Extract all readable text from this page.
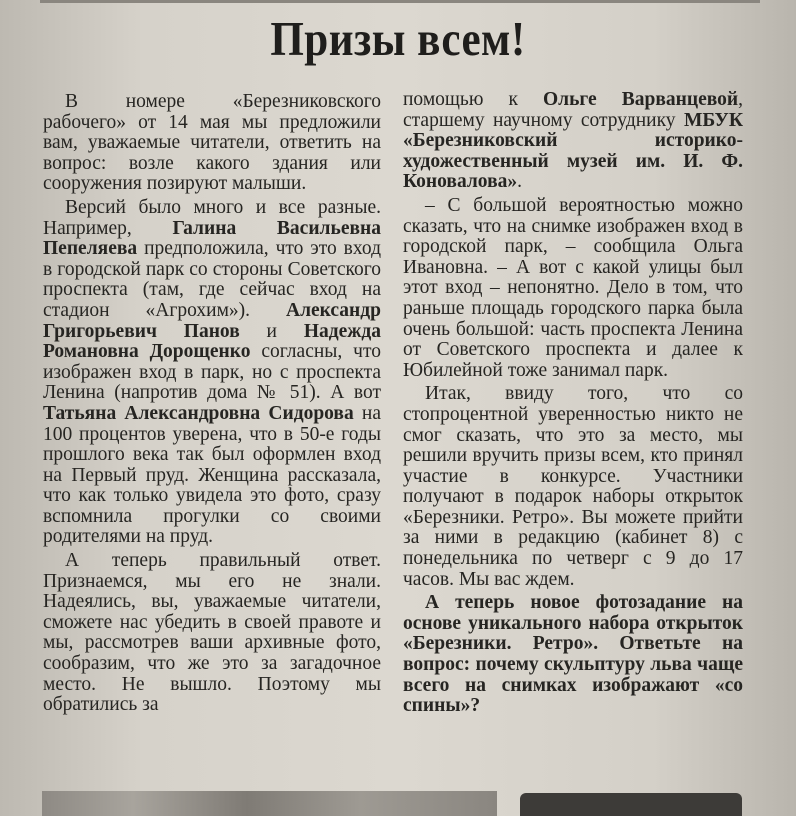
Призы всем!

В номере «Березниковского рабочего» от 14 мая мы предложили вам, уважаемые читатели, ответить на вопрос: возле какого здания или сооружения позируют малыши.

Версий было много и все разные. Например, Галина Васильевна Пепеляева предположила, что это вход в городской парк со стороны Советского проспекта (там, где сейчас вход на стадион «Агрохим»). Александр Григорьевич Панов и Надежда Романовна Дорощенко согласны, что изображен вход в парк, но с проспекта Ленина (напротив дома № 51). А вот Татьяна Александровна Сидорова на 100 процентов уверена, что в 50-е годы прошлого века так был оформлен вход на Первый пруд. Женщина рассказала, что как только увидела это фото, сразу вспомнила прогулки со своими родителями на пруд.

А теперь правильный ответ. Признаемся, мы его не знали. Надеялись, вы, уважаемые читатели, сможете нас убедить в своей правоте и мы, рассмотрев ваши архивные фото, сообразим, что же это за загадочное место. Не вышло. Поэтому мы обратились за

помощью к Ольге Варванцевой, старшему научному сотруднику МБУК «Березниковский историко-художественный музей им. И. Ф. Коновалова».

– С большой вероятностью можно сказать, что на снимке изображен вход в городской парк, – сообщила Ольга Ивановна. – А вот с какой улицы был этот вход – непонятно. Дело в том, что раньше площадь городского парка была очень большой: часть проспекта Ленина от Советского проспекта и далее к Юбилейной тоже занимал парк.

Итак, ввиду того, что со стопроцентной уверенностью никто не смог сказать, что это за место, мы решили вручить призы всем, кто принял участие в конкурсе. Участники получают в подарок наборы открыток «Березники. Ретро». Вы можете прийти за ними в редакцию (кабинет 8) с понедельника по четверг с 9 до 17 часов. Мы вас ждем.

А теперь новое фотозадание на основе уникального набора открыток «Березники. Ретро». Ответьте на вопрос: почему скульптуру льва чаще всего на снимках изображают «со спины»?
